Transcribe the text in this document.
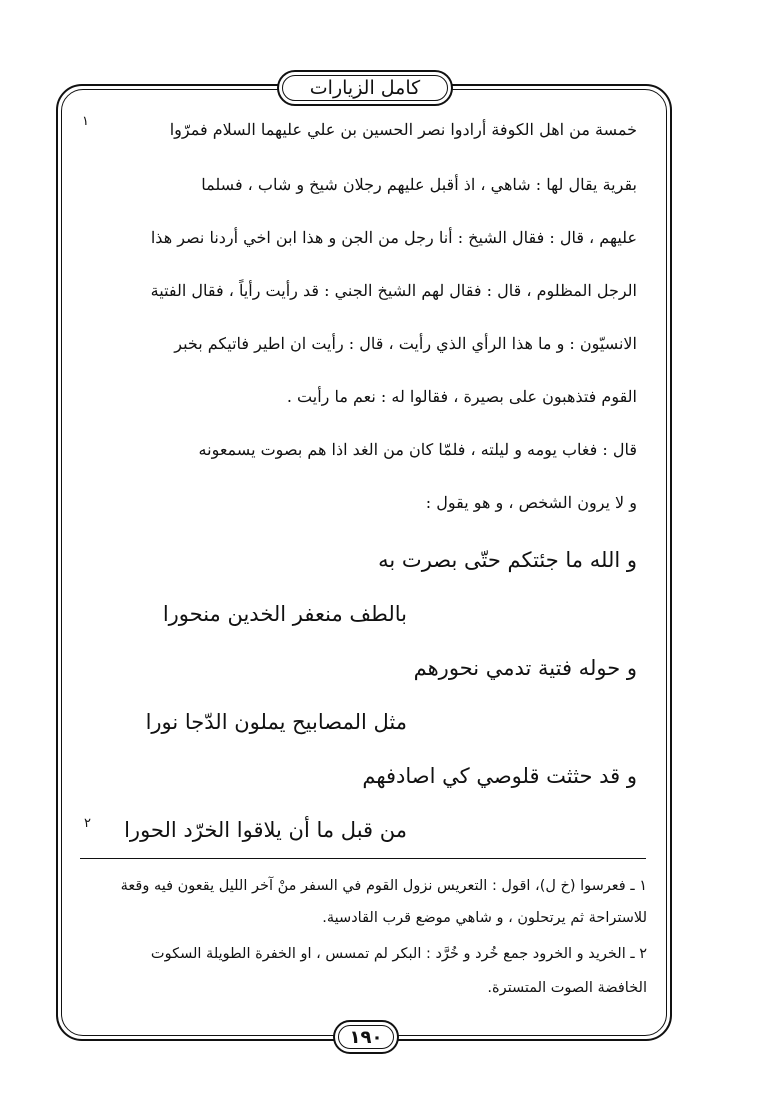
كامل الزيارات
١	خمسة من اهل الكوفة أرادوا نصر الحسين بن علي عليهما السلام فمرّوا
بقرية يقال لها : شاهي ، اذ أقبل عليهم رجلان شيخ و شاب ، فسلما
عليهم ، قال : فقال الشيخ : أنا رجل من الجن و هذا ابن اخي أردنا نصر هذا
الرجل المظلوم ، قال : فقال لهم الشيخ الجني : قد رأيت رأياً ، فقال الفتية
الانسيّون : و ما هذا الرأي الذي رأيت ، قال : رأيت ان اطير فاتيكم بخبر
القوم فتذهبون على بصيرة ، فقالوا له : نعم ما رأيت .
قال : فغاب يومه و ليلته ، فلمّا كان من الغد اذا هم بصوت يسمعونه
و لا يرون الشخص ، و هو يقول :
و الله ما جئتكم حتّى بصرت به
بالطف منعفر الخدين منحورا
و حوله فتية تدمي نحورهم
مثل المصابيح يملون الدّجا نورا
و قد حثثت قلوصي كي اصادفهم
من قبل ما أن يلاقوا الخرّد الحورا
٢
١ ـ فعرسوا (خ ل)، اقول : التعريس نزول القوم في السفر منْ آخر الليل يقعون فيه وقعة
للاستراحة ثم يرتحلون ، و شاهي موضع قرب القادسية.
٢ ـ الخريد و الخرود جمع خُرد و خُرَّد : البكر لم تمسس ، او الخفرة الطويلة السكوت
الخافضة الصوت المتسترة.
١٩٠
